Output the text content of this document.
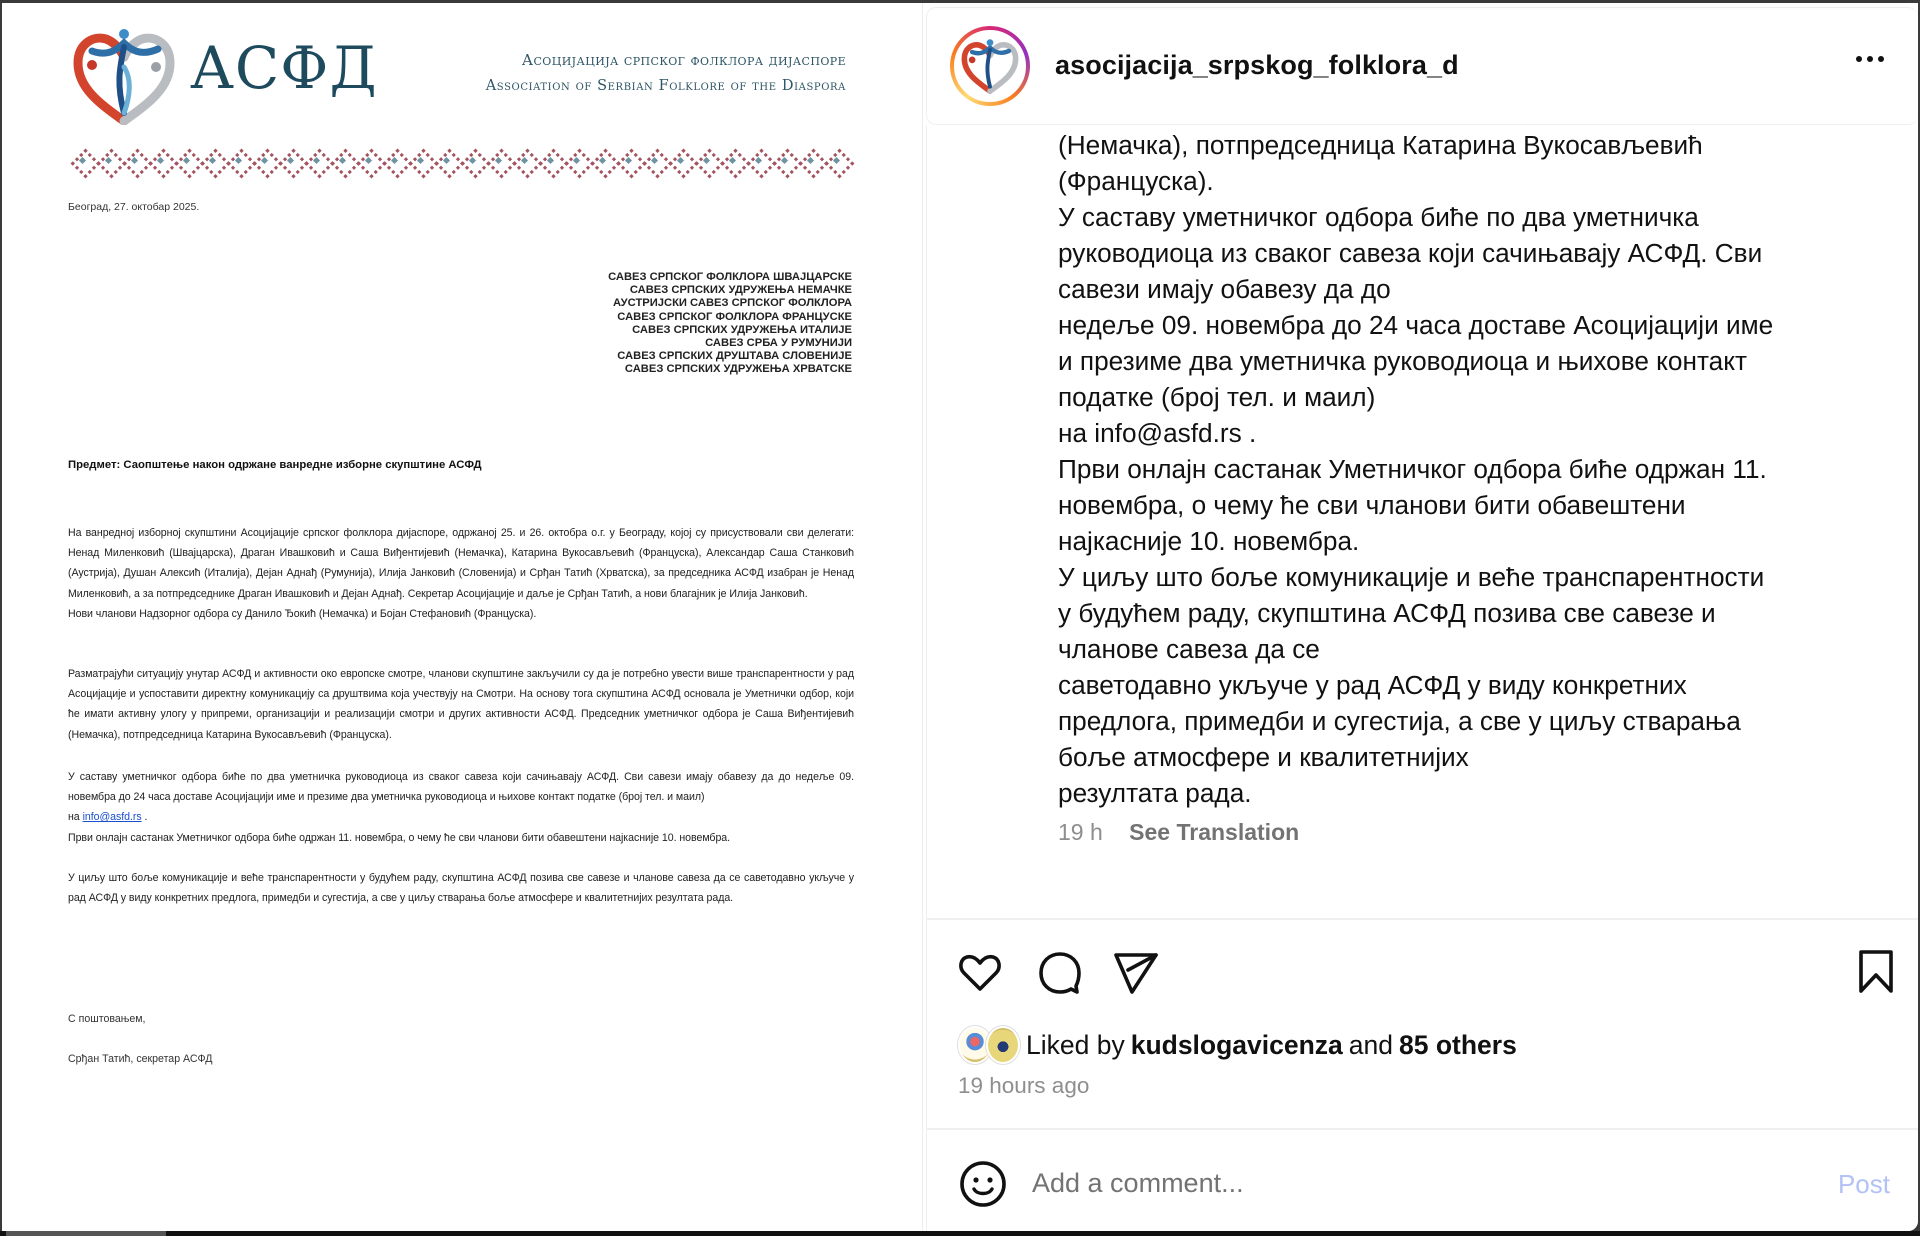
АСФД	Асоцијација српског фолклора дијаспоре
Association of Serbian Folklore of the Diaspora
Београд, 27. октобар 2025.
САВЕЗ СРПСКОГ ФОЛКЛОРА ШВАЈЦАРСКЕ
САВЕЗ СРПСКИХ УДРУЖЕЊА НЕМАЧКЕ
АУСТРИЈСКИ САВЕЗ СРПСКОГ ФОЛКЛОРА
САВЕЗ СРПСКОГ ФОЛКЛОРА ФРАНЦУСКЕ
САВЕЗ СРПСКИХ УДРУЖЕЊА ИТАЛИЈЕ
САВЕЗ СРБА У РУМУНИЈИ
САВЕЗ СРПСКИХ ДРУШТАВА СЛОВЕНИЈЕ
САВЕЗ СРПСКИХ УДРУЖЕЊА ХРВАТСКЕ
Предмет: Саопштење након одржане ванредне изборне скупштине АСФД

На ванредној изборној скупштини Асоцијације српског фолклора дијаспоре, одржаној 25. и 26. октобра о.г. у Београду, којој су присуствовали сви делегати: Ненад Миленковић (Швајцарска), Драган Ивашковић и Саша Виђентијевић (Немачка), Катарина Вукосављевић (Француска), Александар Саша Станковић (Аустрија), Душан Алексић (Италија), Дејан Аднађ (Румунија), Илија Јанковић (Словенија) и Срђан Татић (Хрватска), за председника АСФД изабран је Ненад Миленковић, а за потпредседнике Драган Ивашковић и Дејан Аднађ. Секретар Асоцијације и даље је Срђан Татић, а нови благајник је Илија Јанковић.

Нови чланови Надзорног одбора су Данило Ђокић (Немачка) и Бојан Стефановић (Француска).

Разматрајући ситуацију унутар АСФД и активности око европске смотре, чланови скупштине закључили су да је потребно увести више транспарентности у рад Асоцијације и успоставити директну комуникацију са друштвима која учествују на Смотри. На основу тога скупштина АСФД основала је Уметнички одбор, који ће имати активну улогу у припреми, организацији и реализацији смотри и других активности АСФД. Председник уметничког одбора је Саша Виђентијевић (Немачка), потпредседница Катарина Вукосављевић (Француска).

У саставу уметничког одбора биће по два уметничка руководиоца из сваког савеза који сачињавају АСФД. Сви савези имају обавезу да до недеље 09. новембра до 24 часа доставе Асоцијацији име и презиме два уметничка руководиоца и њихове контакт податке (број тел. и маил)

на info@asfd.rs .

Први онлајн састанак Уметничког одбора биће одржан 11. новембра, о чему ће сви чланови бити обавештени најкасније 10. новембра.

У циљу што боље комуникације и веће транспарентности у будућем раду, скупштина АСФД позива све савезе и чланове савеза да се саветодавно укључе у рад АСФД у виду конкретних предлога, примедби и сугестија, а све у циљу стварања боље атмосфере и квалитетнијих резултата рада.

С поштовањем,
Срђан Татић, секретар АСФД
asocijacija_srpskog_folklora_d
(Немачка), потпредседница Катарина Вукосављевић
(Француска).
У саставу уметничког одбора биће по два уметничка
руководиоца из сваког савеза који сачињавају АСФД. Сви
савези имају обавезу да до
недеље 09. новембра до 24 часа доставе Асоцијацији име
и презиме два уметничка руководиоца и њихове контакт
податке (број тел. и маил)
на info@asfd.rs .
Први онлајн састанак Уметничког одбора биће одржан 11.
новембра, о чему ће сви чланови бити обавештени
најкасније 10. новембра.
У циљу што боље комуникације и веће транспарентности
у будућем раду, скупштина АСФД позива све савезе и
чланове савеза да се
саветодавно укључе у рад АСФД у виду конкретних
предлога, примедби и сугестија, а све у циљу стварања
боље атмосфере и квалитетнијих
резултата рада.
19 h See Translation
Liked by kudslogavicenza and 85 others
19 hours ago
Add a comment...
Post
